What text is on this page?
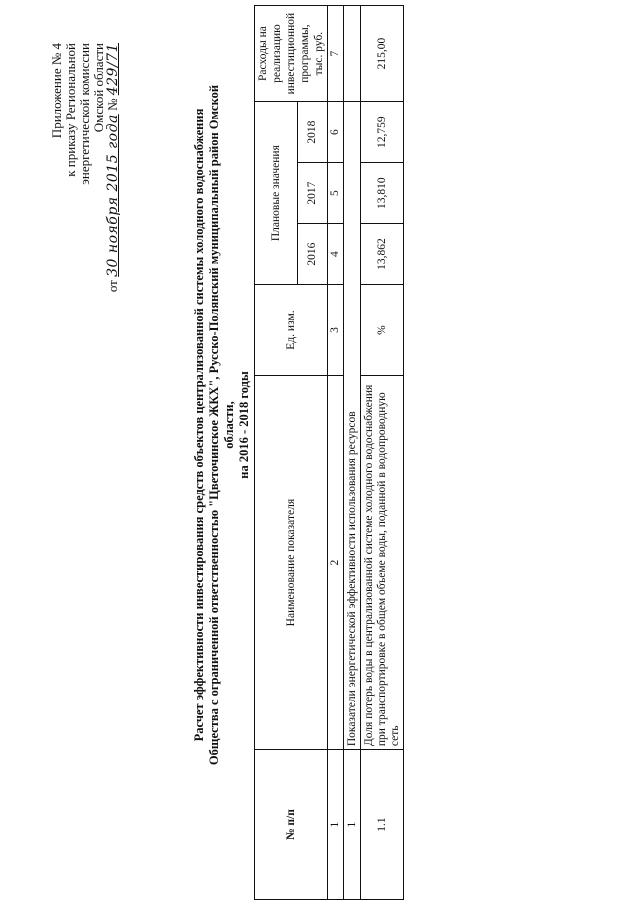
Приложение № 4 к приказу Региональной энергетической комиссии Омской области
от 30 ноября 2015 года № 429/71
Расчет эффективности инвестирования средств объектов централизованной системы холодного водоснабжения Общества с ограниченной ответственностью "Цветочинское ЖКХ", Русско-Полянский муниципальный район Омской области, на 2016 - 2018 годы
№ п/п	Наименование показателя	Ед. изм.	Плановые значения			Расходы на реализацию инвестиционной программы, тыс. руб.

			2016	2017	2018	
1	2	3	4	5	6	7
1	Показатели энергетической эффективности использования ресурсов					
1.1	Доля потерь воды в централизованной системе холодного водоснабжения при транспортировке в общем объеме воды, поданной в водопроводную сеть	%	13,862	13,810	12,759	215,00
